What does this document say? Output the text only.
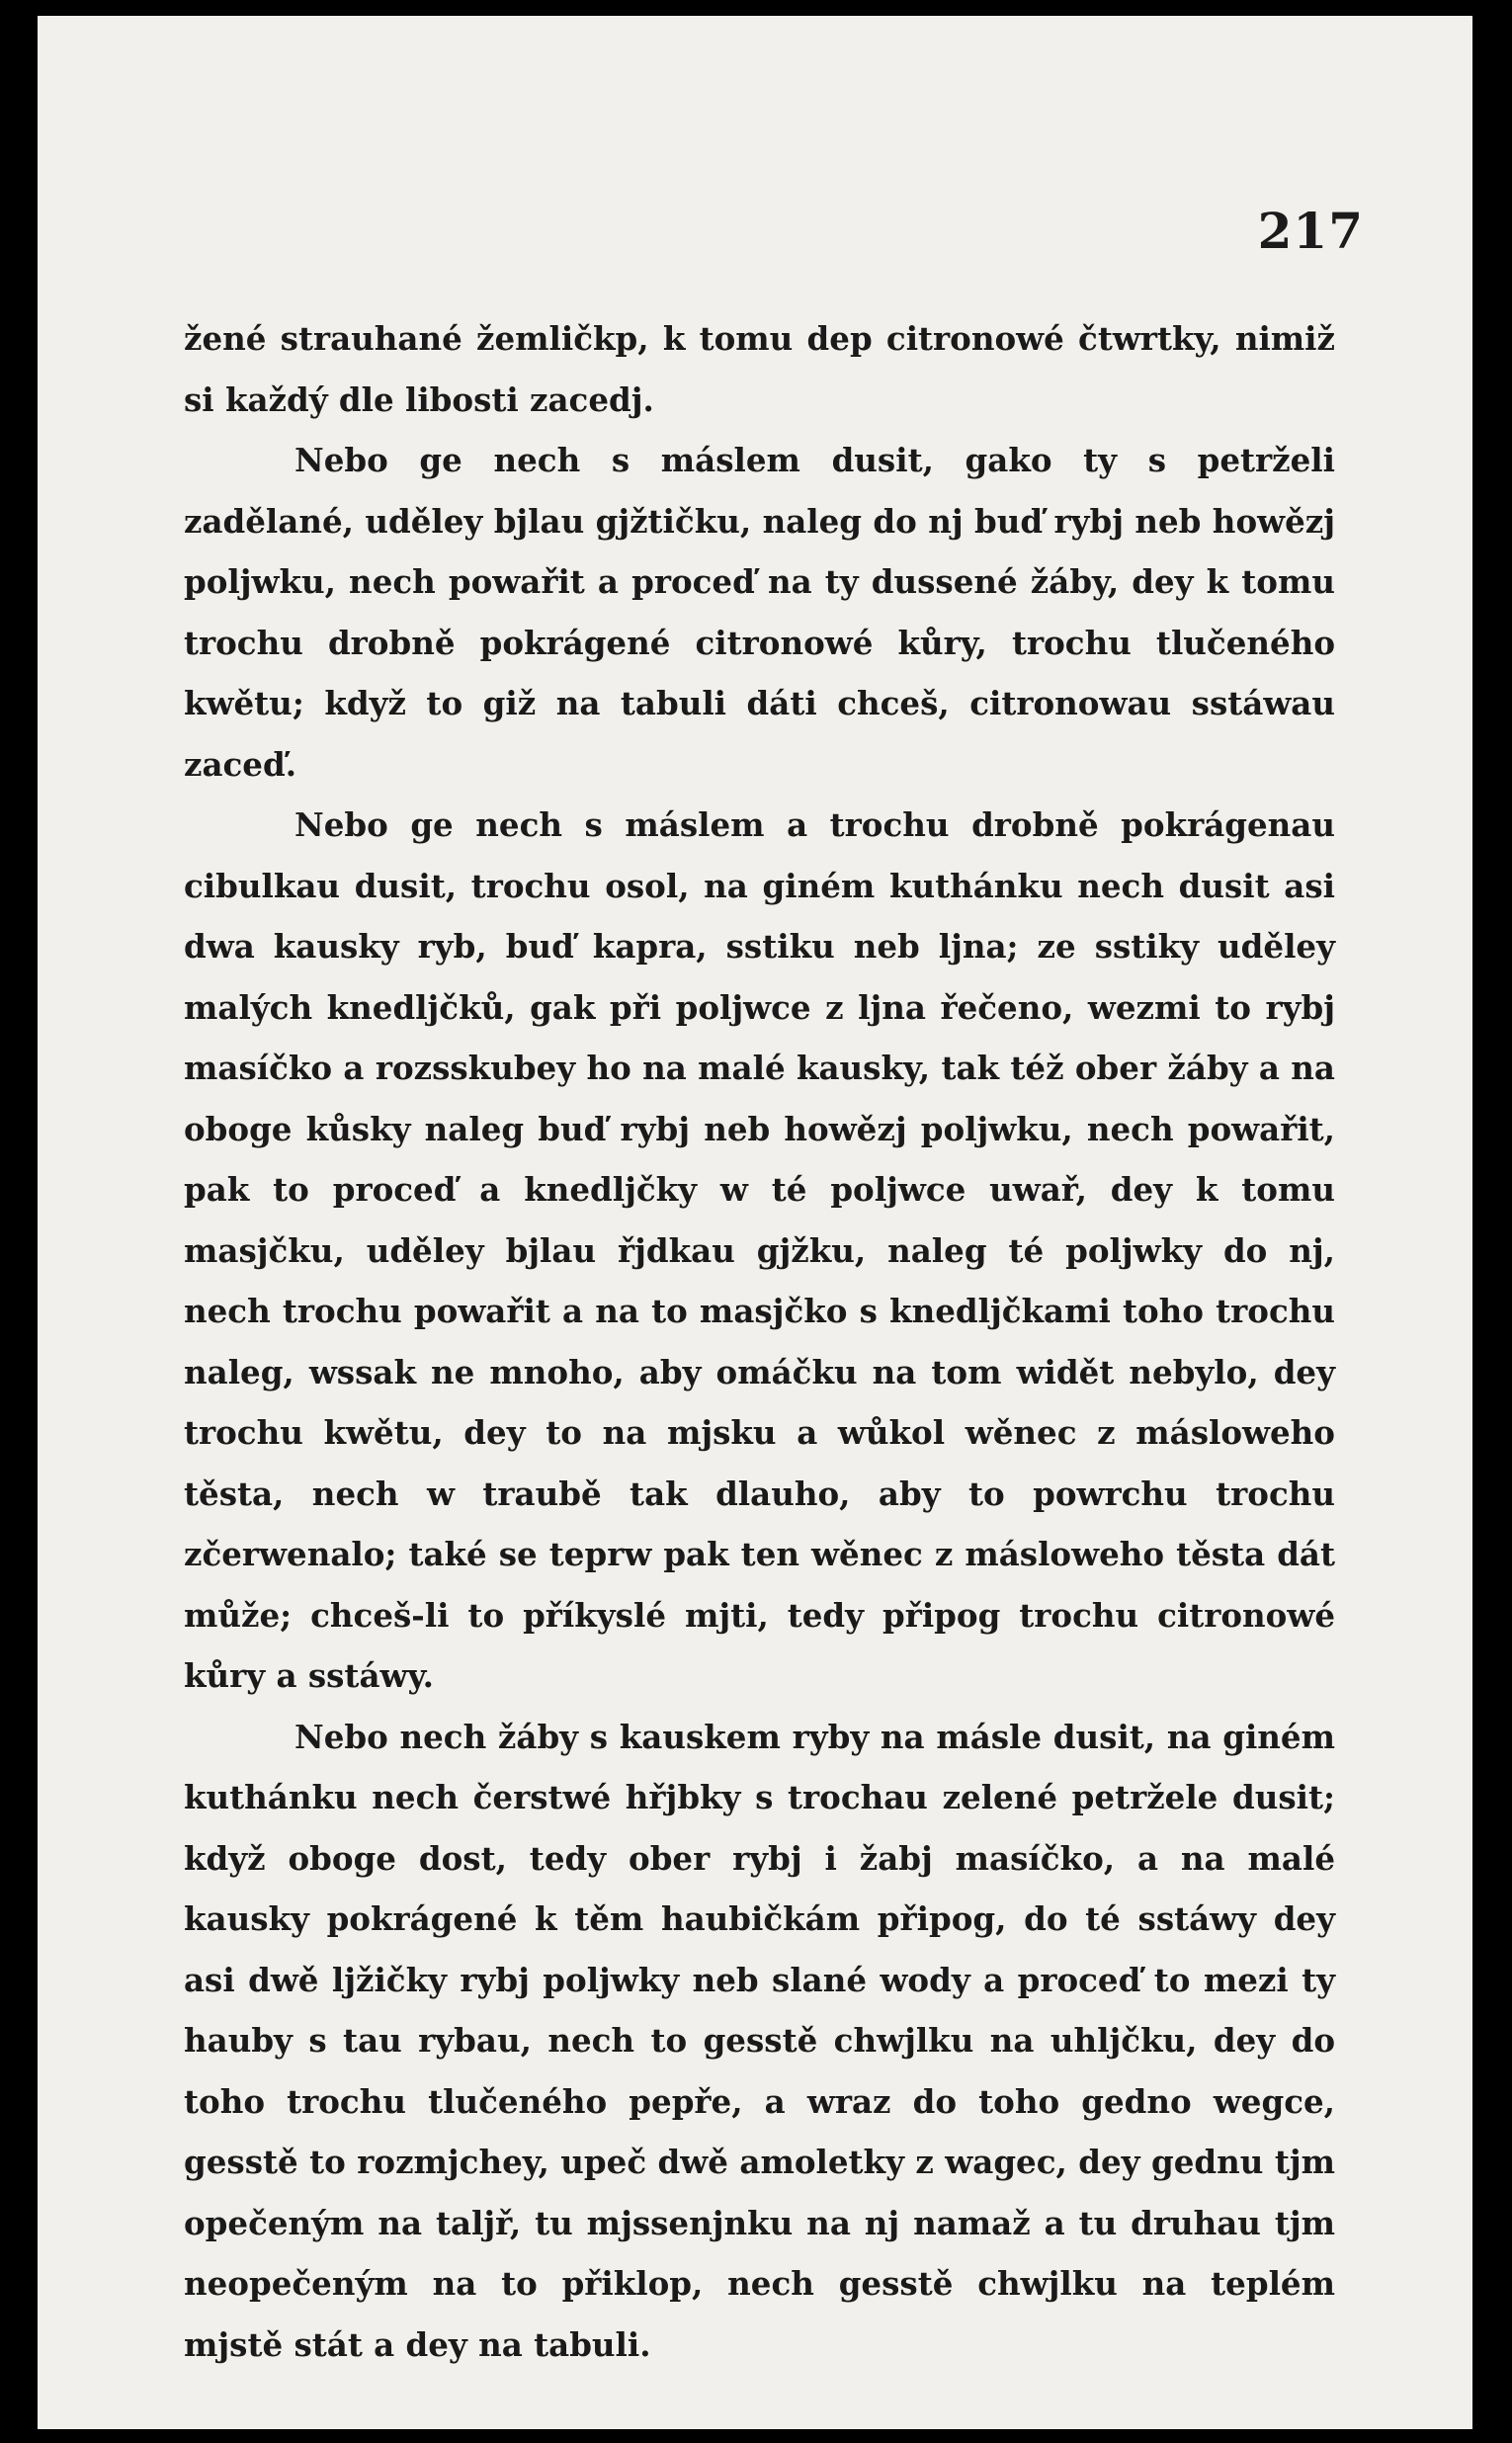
217

žené strauhané žemličkp, k tomu dep citronowé čtwrtky, nimiž si každý dle libosti zacedj.

Nebo ge nech s máslem dusit, gako ty s petrželi zadělané, uděley bjlau gjžtičku, naleg do nj buď rybj neb howězj poljwku, nech powařit a proceď na ty dussené žáby, dey k tomu trochu drobně pokrágené citronowé kůry, trochu tlučeného kwětu; když to giž na tabuli dáti chceš, citronowau sstáwau zaceď.

Nebo ge nech s máslem a trochu drobně pokrágenau cibulkau dusit, trochu osol, na giném kuthánku nech dusit asi dwa kausky ryb, buď kapra, sstiku neb ljna; ze sstiky uděley malých knedljčků, gak při poljwce z ljna řečeno, wezmi to rybj masíčko a rozsskubey ho na malé kausky, tak též ober žáby a na oboge kůsky naleg buď rybj neb howězj poljwku, nech powařit, pak to proceď a knedljčky w té poljwce uwař, dey k tomu masjčku, uděley bjlau řjdkau gjžku, naleg té poljwky do nj, nech trochu powařit a na to masjčko s knedljčkami toho trochu naleg, wssak ne mnoho, aby omáčku na tom widět nebylo, dey trochu kwětu, dey to na mjsku a wůkol wěnec z másloweho těsta, nech w traubě tak dlauho, aby to powrchu trochu zčerwenalo; také se teprw pak ten wěnec z másloweho těsta dát může; chceš-li to příkyslé mjti, tedy připog trochu citronowé kůry a sstáwy.

Nebo nech žáby s kauskem ryby na másle dusit, na giném kuthánku nech čerstwé hřjbky s trochau zelené petržele dusit; když oboge dost, tedy ober rybj i žabj masíčko, a na malé kausky pokrágené k těm haubičkám připog, do té sstáwy dey asi dwě ljžičky rybj poljwky neb slané wody a proceď to mezi ty hauby s tau rybau, nech to gesstě chwjlku na uhljčku, dey do toho trochu tlučeného pepře, a wraz do toho gedno wegce, gesstě to rozmjchey, upeč dwě amoletky z wagec, dey gednu tjm opečeným na taljř, tu mjssenjnku na nj namaž a tu druhau tjm neopečeným na to přiklop, nech gesstě chwjlku na teplém mjstě stát a dey na tabuli.
